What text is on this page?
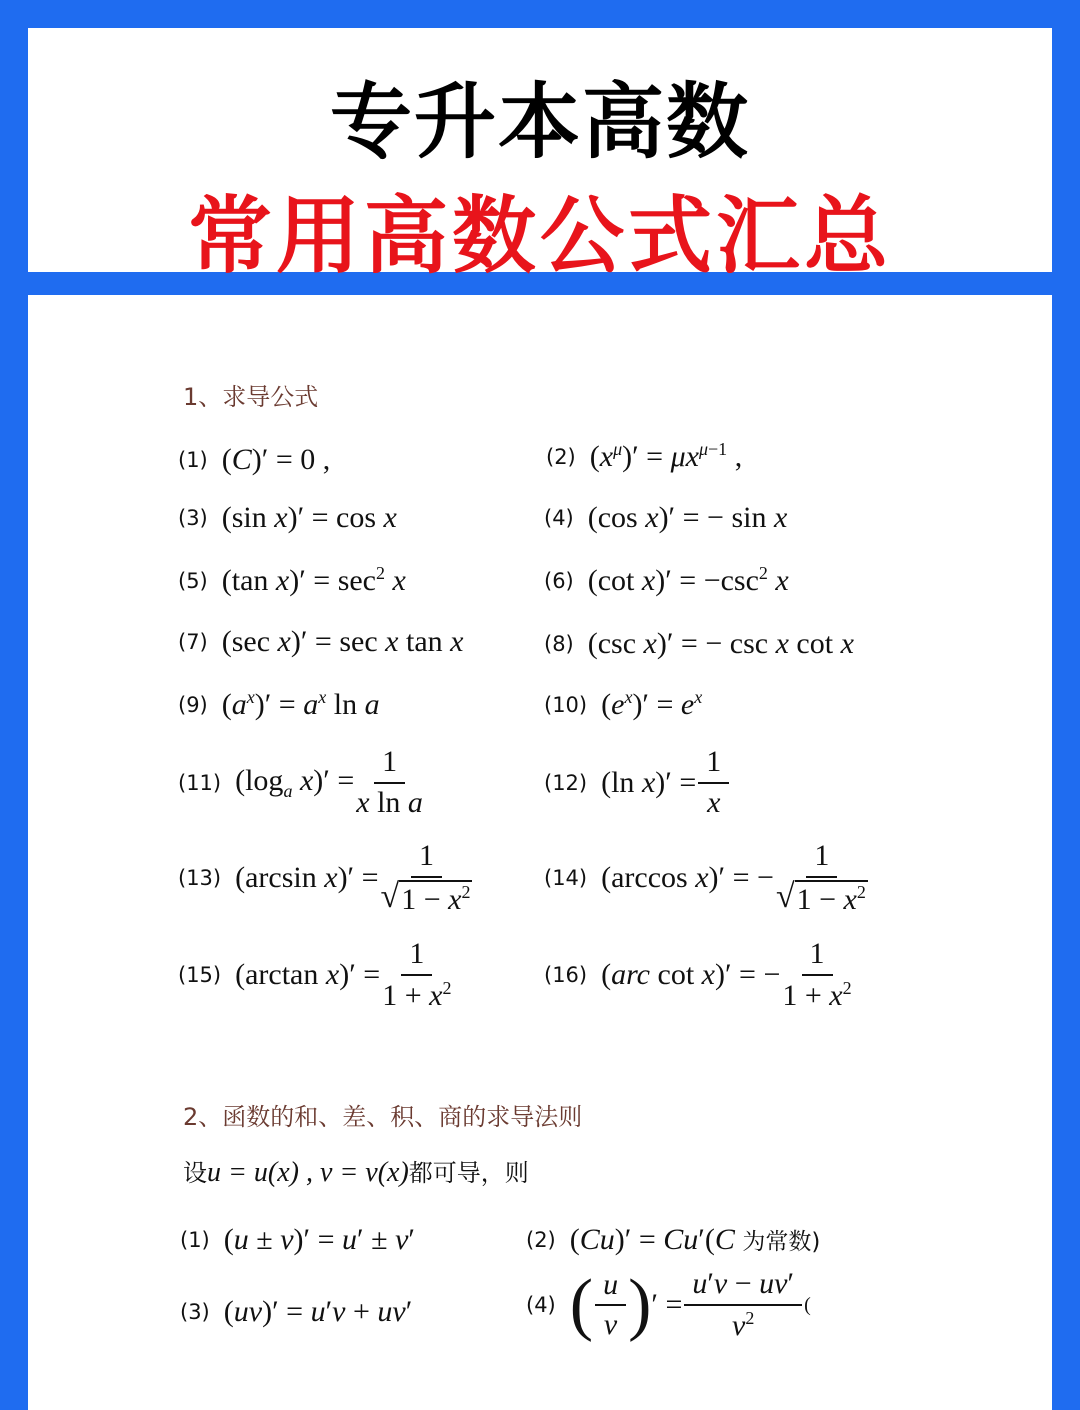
专升本高数
常用高数公式汇总
1、求导公式
(1) (C)′ = 0 ,	(2) $(x^\mu)' = \mu x^{\mu-1}$ ,
(3) (sin x)′ = cos x	(4) (cos x)′ = − sin x
(5) (tan $x)' = \sec^2 x$	(6) (cot $x)' = -\csc^2$ x
(7) (sec x)′ = sec x tan x	(8) (csc x)′ = − csc x cot x
(9) $(a^x)' = a^x$ ln a	(10) $(e^x)' = e^x$
(11) ($\log_a$ $x)' = \frac{1}{\text{x ln a}}$	(12) (ln $x)' = \frac{1}{x}$
(13) (arcsin $x)' = \frac{1}{√ 1 - x^2}$	(14) (arccos x)′ = − $\frac{1}{√ 1 - x^2}$
(15) (arctan $x)' = \frac{1}{1 + x^2}$	(16) (arc cot x)′ = − $\frac{1}{1 + x^2}$
2、函数的和、差、积、商的求导法则
设u = u(x) , v = v(x)都可导，则
(1) (u ± v)′ = u′ ± v′	(2) (Cu)′ = Cu′(C 为常数)
(3) (uv)′ = u′v + uv′	(4) ( $\frac{u}{v}$ ) ′ = $\frac{u'v - uv'}{v^2}$ (
